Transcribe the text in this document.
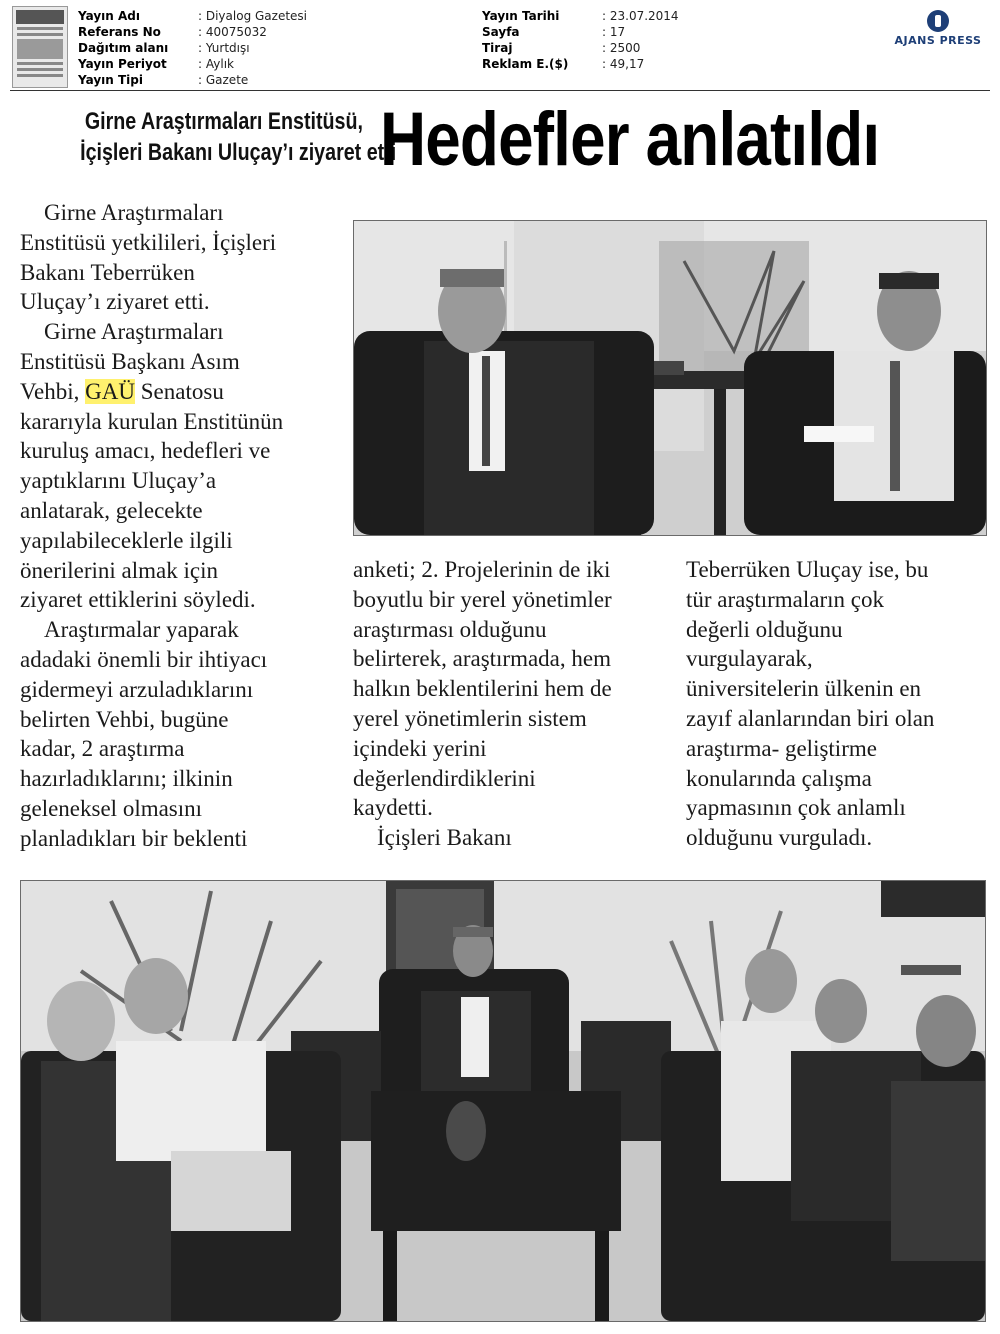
Yayın Adı	: Diyalog Gazetesi
Referans No	: 40075032
Dağıtım alanı	: Yurtdışı
Yayın Periyot	: Aylık
Yayın Tipi	: Gazete
Yayın Tarihi	: 23.07.2014
Sayfa	: 17
Tiraj	: 2500
Reklam E.($)	: 49,17
AJANS PRESS
Girne Araştırmaları Enstitüsü,
İçişleri Bakanı Uluçay’ı ziyaret etti
Hedefler anlatıldı
Girne Araştırmaları
Enstitüsü yetkilileri, İçişleri
Bakanı Teberrüken
Uluçay’ı ziyaret etti.
Girne Araştırmaları
Enstitüsü Başkanı Asım
Vehbi, GAÜ Senatosu
kararıyla kurulan Enstitünün
kuruluş amacı, hedefleri ve
yaptıklarını Uluçay’a
anlatarak, gelecekte
yapılabileceklerle ilgili
önerilerini almak için
ziyaret ettiklerini söyledi.
Araştırmalar yaparak
adadaki önemli bir ihtiyacı
gidermeyi arzuladıklarını
belirten Vehbi, bugüne
kadar, 2 araştırma
hazırladıklarını; ilkinin
geleneksel olmasını
planladıkları bir beklenti
anketi; 2. Projelerinin de iki
boyutlu bir yerel yönetimler
araştırması olduğunu
belirterek, araştırmada, hem
halkın beklentilerini hem de
yerel yönetimlerin sistem
içindeki yerini
değerlendirdiklerini
kaydetti.
İçişleri Bakanı
Teberrüken Uluçay ise, bu
tür araştırmaların çok
değerli olduğunu
vurgulayarak,
üniversitelerin ülkenin en
zayıf alanlarından biri olan
araştırma- geliştirme
konularında çalışma
yapmasının çok anlamlı
olduğunu vurguladı.
